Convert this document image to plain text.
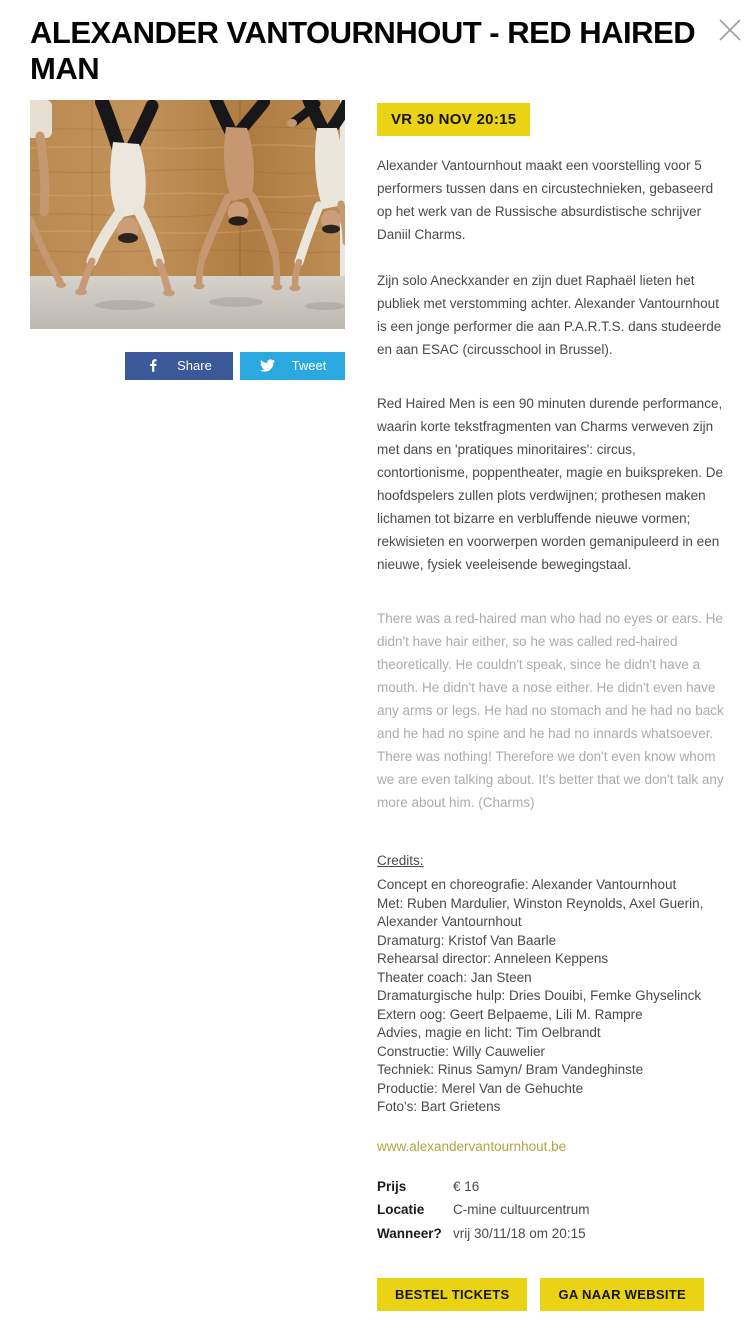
ALEXANDER VANTOURNHOUT - RED HAIRED MAN
Share	Tweet
VR 30 NOV 20:15

Alexander Vantournhout maakt een voorstelling voor 5 performers tussen dans en circustechnieken, gebaseerd op het werk van de Russische absurdistische schrijver Daniil Charms.

Zijn solo Aneckxander en zijn duet Raphaël lieten het publiek met verstomming achter. Alexander Vantournhout is een jonge performer die aan P.A.R.T.S. dans studeerde en aan ESAC (circusschool in Brussel).

Red Haired Men is een 90 minuten durende performance, waarin korte tekstfragmenten van Charms verweven zijn met dans en 'pratiques minoritaires': circus, contortionisme, poppentheater, magie en buikspreken. De hoofdspelers zullen plots verdwijnen; prothesen maken lichamen tot bizarre en verbluffende nieuwe vormen; rekwisieten en voorwerpen worden gemanipuleerd in een nieuwe, fysiek veeleisende bewegingstaal.

There was a red-haired man who had no eyes or ears. He didn't have hair either, so he was called red-haired theoretically. He couldn't speak, since he didn't have a mouth. He didn't have a nose either. He didn't even have any arms or legs. He had no stomach and he had no back and he had no spine and he had no innards whatsoever. There was nothing! Therefore we don't even know whom we are even talking about. It's better that we don't talk any more about him. (Charms)

Credits:
Concept en choreografie: Alexander Vantournhout
Met: Ruben Mardulier, Winston Reynolds, Axel Guerin, Alexander Vantournhout
Dramaturg: Kristof Van Baarle
Rehearsal director: Anneleen Keppens
Theater coach: Jan Steen
Dramaturgische hulp: Dries Douibi, Femke Ghyselinck
Extern oog: Geert Belpaeme, Lili M. Rampre
Advies, magie en licht: Tim Oelbrandt
Constructie: Willy Cauwelier
Techniek: Rinus Samyn/ Bram Vandeghinste
Productie: Merel Van de Gehuchte
Foto's: Bart Grietens
www.alexandervantournhout.be
Prijs	€ 16
Locatie	C-mine cultuurcentrum
Wanneer? vrij 30/11/18 om 20:15
BESTEL TICKETS	GA NAAR WEBSITE
